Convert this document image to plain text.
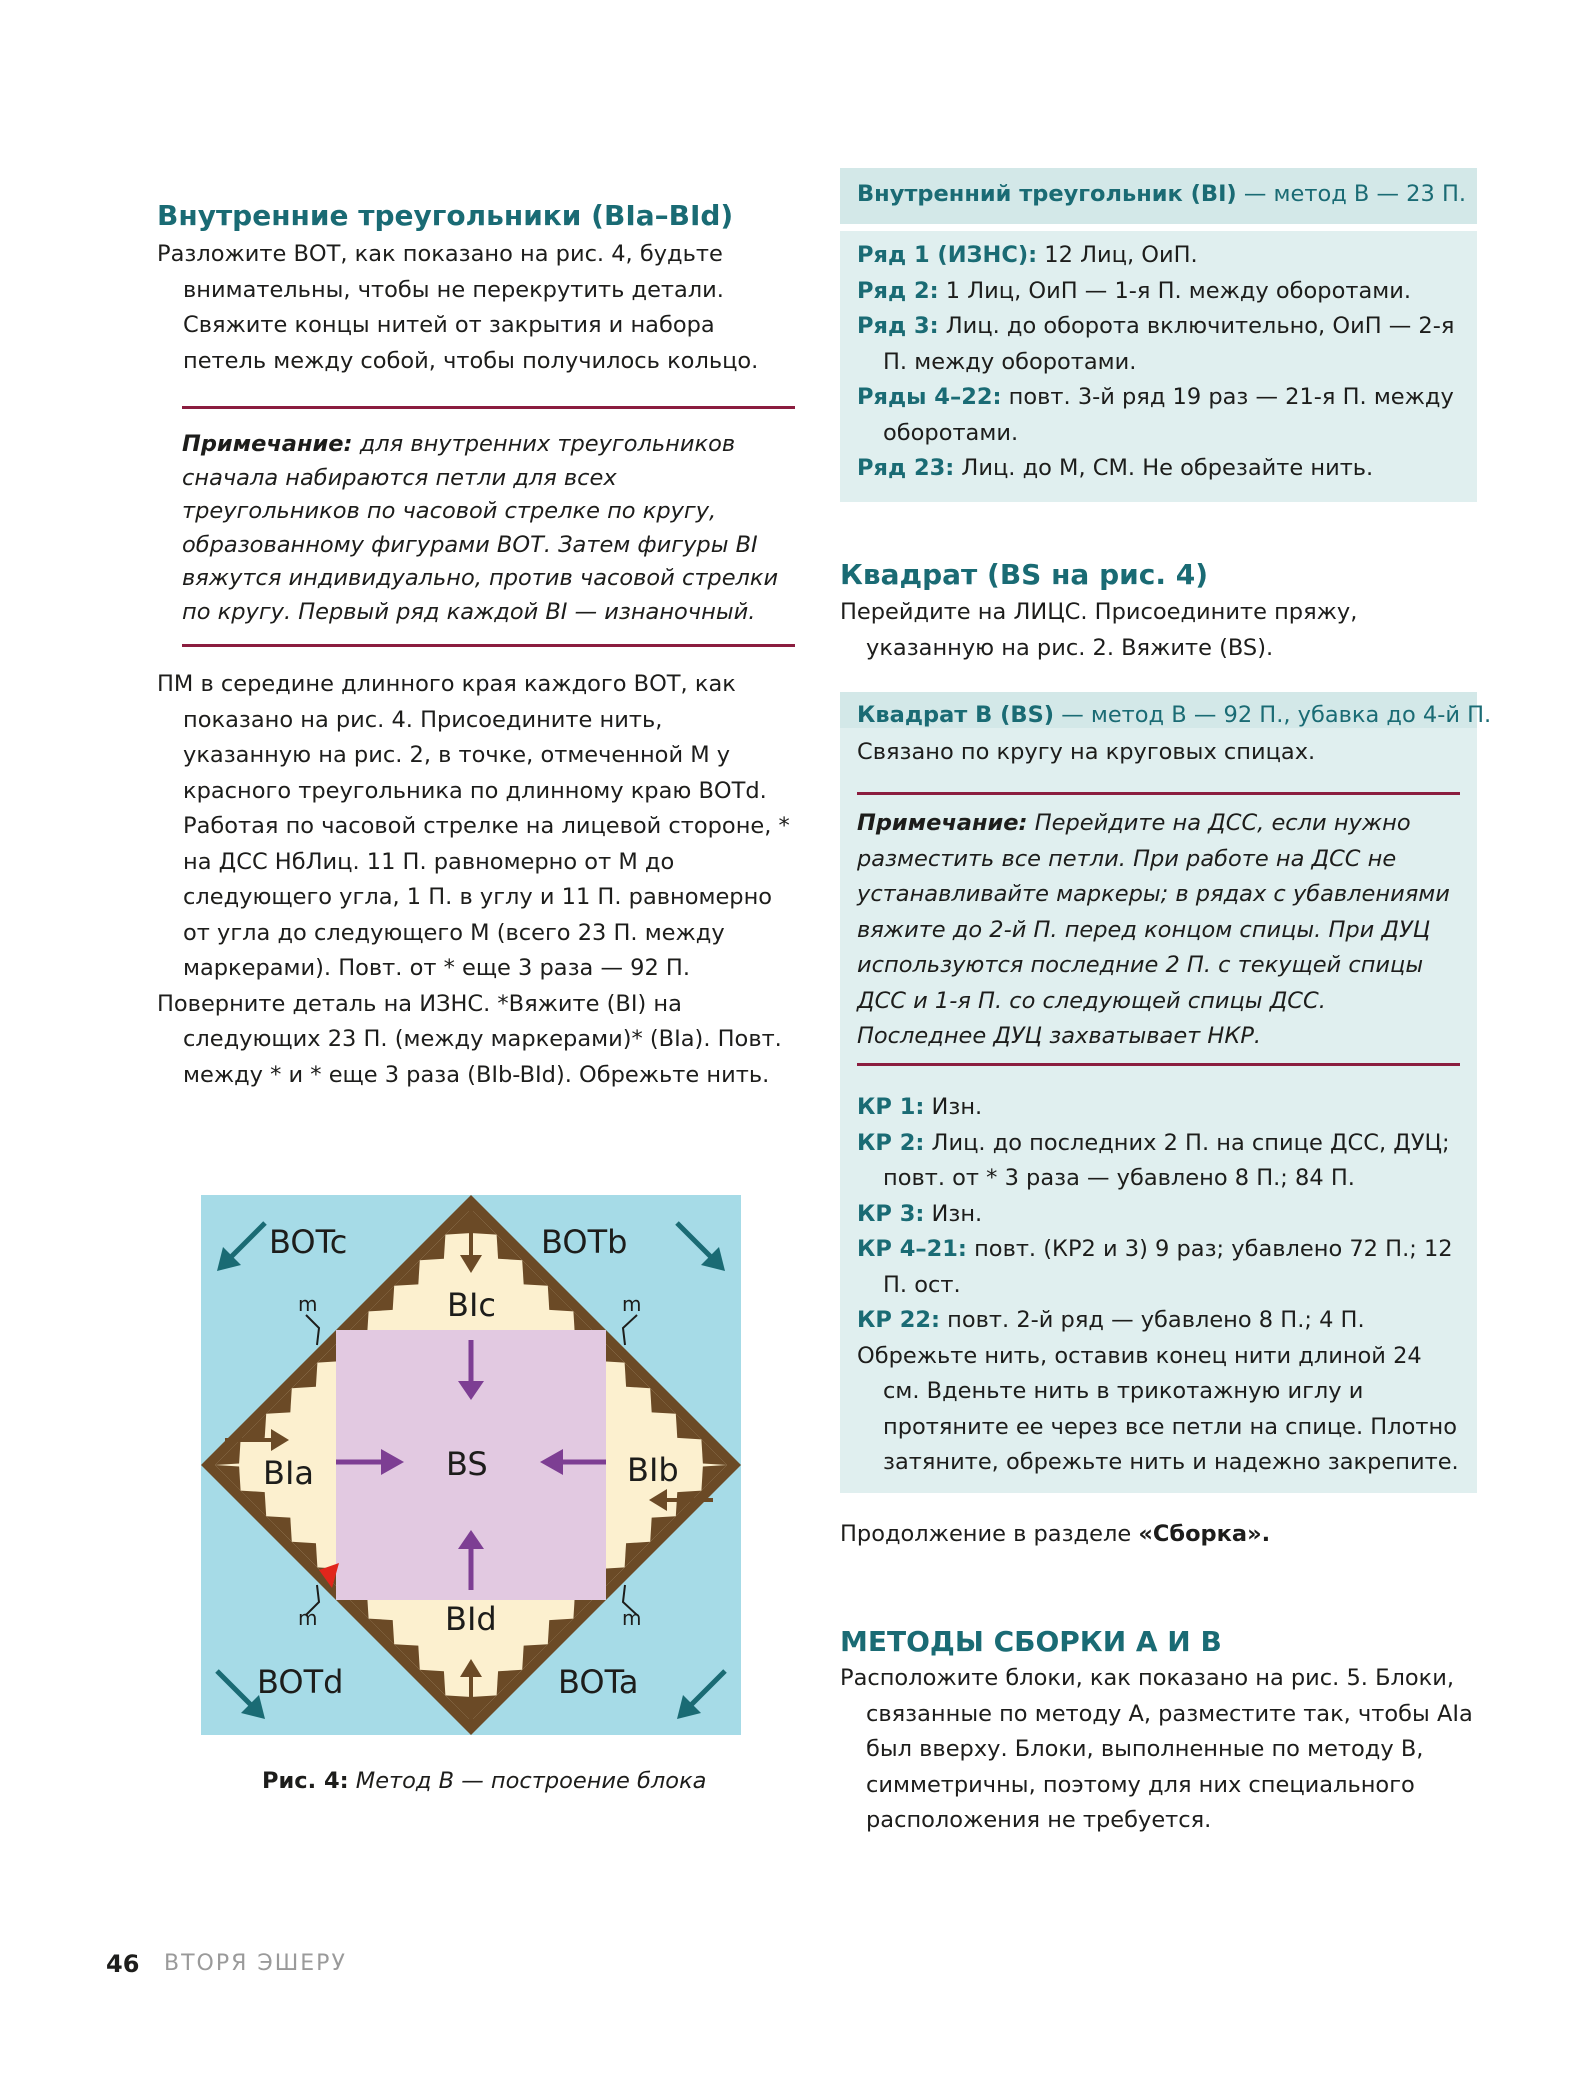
Внутренние треугольники (BIa–BId)

Разложите ВОТ, как показано на рис. 4, будьте внимательны, чтобы не перекрутить детали. Свяжите концы нитей от закрытия и набора петель между собой, чтобы получилось кольцо.

Примечание: для внутренних треугольников сначала набираются петли для всех треугольников по часовой стрелке по кругу, образованному фигурами ВОТ. Затем фигуры BI вяжутся индивидуально, против часовой стрелки по кругу. Первый ряд каждой BI — изнаночный.

ПМ в середине длинного края каждого ВОТ, как показано на рис. 4. Присоедините нить, указанную на рис. 2, в точке, отмеченной М у красного треугольника по длинному краю ВОТd. Работая по часовой стрелке на лицевой стороне, * на ДСС НбЛиц. 11 П. равномерно от М до следующего угла, 1 П. в углу и 11 П. равномерно от угла до следующего М (всего 23 П. между маркерами). Повт. от * еще 3 раза — 92 П.

Поверните деталь на ИЗНС. *Вяжите (BI) на следующих 23 П. (между маркерами)* (BIa). Повт. между * и * еще 3 раза (BIb-BId). Обрежьте нить.

BOTc	BOTb
BOTd	BOTa
BIc
BId
BIa	BIb
BS
m	m
m	m
Рис. 4: Метод В — построение блока
Внутренний треугольник (BI) — метод В — 23 П.

Ряд 1 (ИЗНС): 12 Лиц, ОиП.

Ряд 2: 1 Лиц, ОиП — 1-я П. между оборотами.

Ряд 3: Лиц. до оборота включительно, ОиП — 2-я П. между оборотами.

Ряды 4–22: повт. 3-й ряд 19 раз — 21-я П. между оборотами.

Ряд 23: Лиц. до М, СМ. Не обрезайте нить.

Квадрат (BS на рис. 4)

Перейдите на ЛИЦС. Присоедините пряжу, указанную на рис. 2. Вяжите (BS).

Квадрат В (BS) — метод В — 92 П., убавка до 4-й П.
Связано по кругу на круговых спицах.

Примечание: Перейдите на ДСС, если нужно разместить все петли. При работе на ДСС не устанавливайте маркеры; в рядах с убавлениями вяжите до 2-й П. перед концом спицы. При ДУЦ используются последние 2 П. с текущей спицы ДСС и 1-я П. со следующей спицы ДСС. Последнее ДУЦ захватывает НКР.

КР 1: Изн.

КР 2: Лиц. до последних 2 П. на спице ДСС, ДУЦ; повт. от * 3 раза — убавлено 8 П.; 84 П.

КР 3: Изн.

КР 4–21: повт. (КР2 и 3) 9 раз; убавлено 72 П.; 12 П. ост.

КР 22: повт. 2-й ряд — убавлено 8 П.; 4 П.

Обрежьте нить, оставив конец нити длиной 24 см. Вденьте нить в трикотажную иглу и протяните ее через все петли на спице. Плотно затяните, обрежьте нить и надежно закрепите.

Продолжение в разделе «Сборка».
МЕТОДЫ СБОРКИ А И В

Расположите блоки, как показано на рис. 5. Блоки, связанные по методу А, разместите так, чтобы AIa был вверху. Блоки, выполненные по методу В, симметричны, поэтому для них специального расположения не требуется.

46 ВТОРЯ ЭШЕРУ
